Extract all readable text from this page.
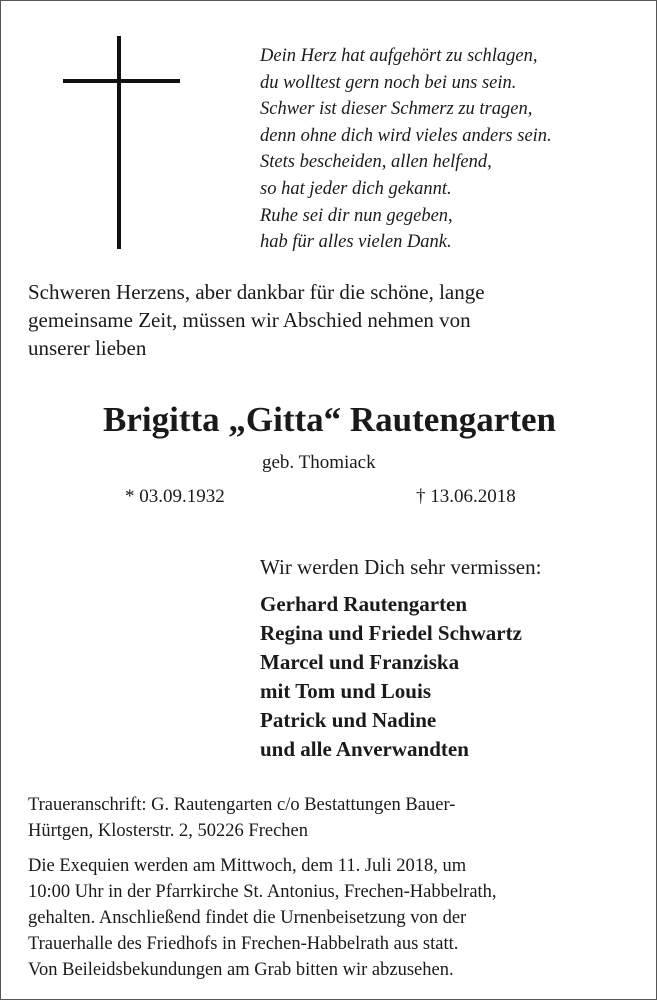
Dein Herz hat aufgehört zu schlagen,
du wolltest gern noch bei uns sein.
Schwer ist dieser Schmerz zu tragen,
denn ohne dich wird vieles anders sein.
Stets bescheiden, allen helfend,
so hat jeder dich gekannt.
Ruhe sei dir nun gegeben,
hab für alles vielen Dank.
Schweren Herzens, aber dankbar für die schöne, lange
gemeinsame Zeit, müssen wir Abschied nehmen von
unserer lieben
Brigitta „Gitta“ Rautengarten
geb. Thomiack
* 03.09.1932	† 13.06.2018
Wir werden Dich sehr vermissen:
Gerhard Rautengarten
Regina und Friedel Schwartz
Marcel und Franziska
mit Tom und Louis
Patrick und Nadine
und alle Anverwandten
Traueranschrift: G. Rautengarten c/o Bestattungen Bauer-
Hürtgen, Klosterstr. 2, 50226 Frechen
Die Exequien werden am Mittwoch, dem 11. Juli 2018, um
10:00 Uhr in der Pfarrkirche St. Antonius, Frechen-Habbelrath,
gehalten. Anschließend findet die Urnenbeisetzung von der
Trauerhalle des Friedhofs in Frechen-Habbelrath aus statt.
Von Beileidsbekundungen am Grab bitten wir abzusehen.
